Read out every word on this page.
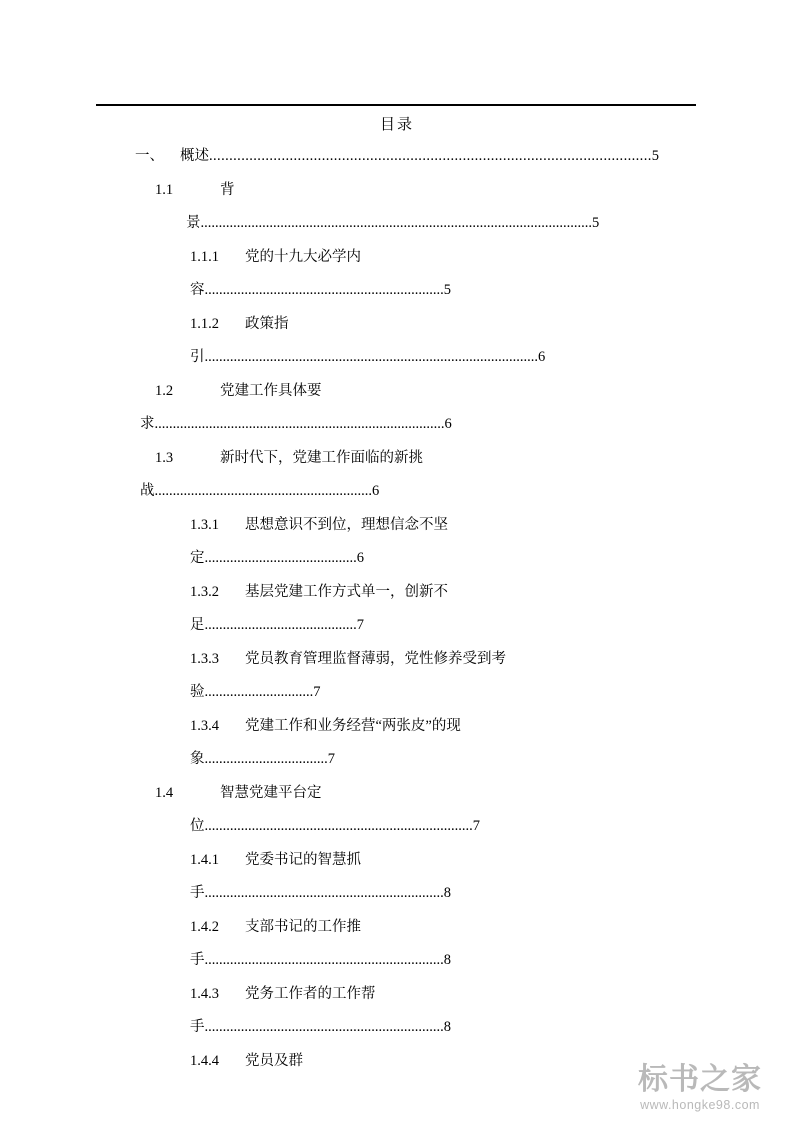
目录
一、 概述..............................................................................................................5
1.1	背
景............................................................................................................5
1.1.1 党的十九大必学内
容..................................................................5
1.1.2 政策指
引............................................................................................6
1.2	党建工作具体要
求................................................................................6
1.3	新时代下，党建工作面临的新挑
战............................................................6
1.3.1 思想意识不到位，理想信念不坚
定..........................................6
1.3.2 基层党建工作方式单一，创新不
足..........................................7
1.3.3 党员教育管理监督薄弱，党性修养受到考
验..............................7
1.3.4 党建工作和业务经营“两张皮”的现
象..................................7
1.4	智慧党建平台定
位..........................................................................7
1.4.1 党委书记的智慧抓
手..................................................................8
1.4.2 支部书记的工作推
手..................................................................8
1.4.3 党务工作者的工作帮
手..................................................................8
1.4.4 党员及群
标书之家
www.hongke98.com
